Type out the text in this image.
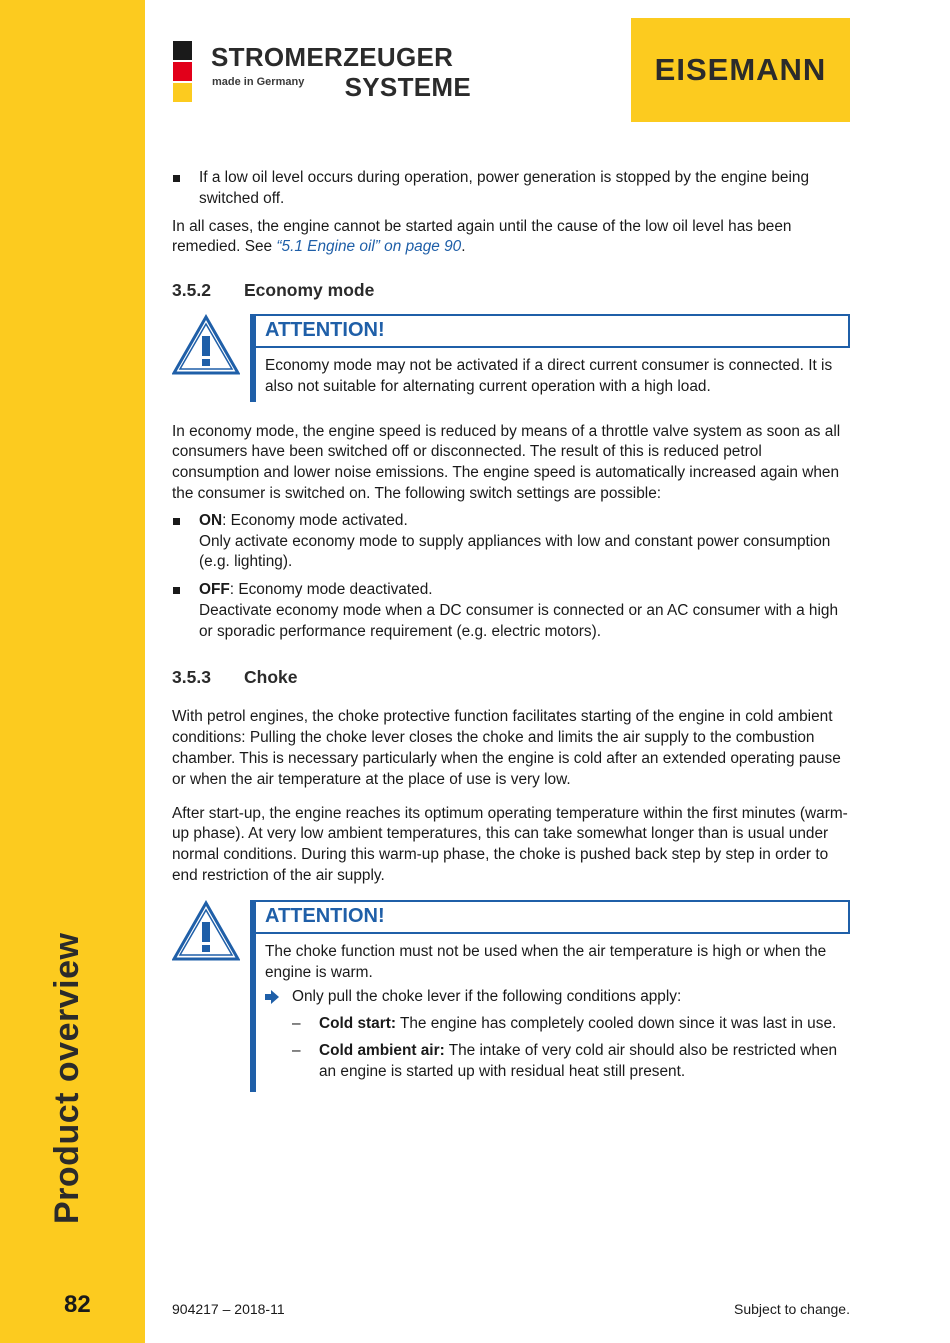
Product overview
82
STROMERZEUGER
made in Germany SYSTEME	EISEMANN
If a low oil level occurs during operation, power generation is stopped by the engine being switched off.

In all cases, the engine cannot be started again until the cause of the low oil level has been remedied. See “5.1 Engine oil” on page 90.

3.5.2 Economy mode
ATTENTION!
Economy mode may not be activated if a direct current consumer is connected. It is also not suitable for alternating current operation with a high load.

In economy mode, the engine speed is reduced by means of a throttle valve system as soon as all consumers have been switched off or disconnected. The result of this is reduced petrol consumption and lower noise emissions. The engine speed is automatically increased again when the consumer is switched on. The following switch settings are possible:

ON: Economy mode activated.
Only activate economy mode to supply appliances with low and constant power consumption (e.g. lighting).
OFF: Economy mode deactivated.
Deactivate economy mode when a DC consumer is connected or an AC consumer with a high or sporadic performance requirement (e.g. electric motors).
3.5.3 Choke

With petrol engines, the choke protective function facilitates starting of the engine in cold ambient conditions: Pulling the choke lever closes the choke and limits the air supply to the combustion chamber. This is necessary particularly when the engine is cold after an extended operating pause or when the air temperature at the place of use is very low.

After start-up, the engine reaches its optimum operating temperature within the first minutes (warm-up phase). At very low ambient temperatures, this can take somewhat longer than is usual under normal conditions. During this warm-up phase, the choke is pushed back step by step in order to end restriction of the air supply.

ATTENTION!
The choke function must not be used when the air temperature is high or when the engine is warm.
Only pull the choke lever if the following conditions apply:
– Cold start: The engine has completely cooled down since it was last in use.
– Cold ambient air: The intake of very cold air should also be restricted when an engine is started up with residual heat still present.
904217 – 2018-11	Subject to change.
